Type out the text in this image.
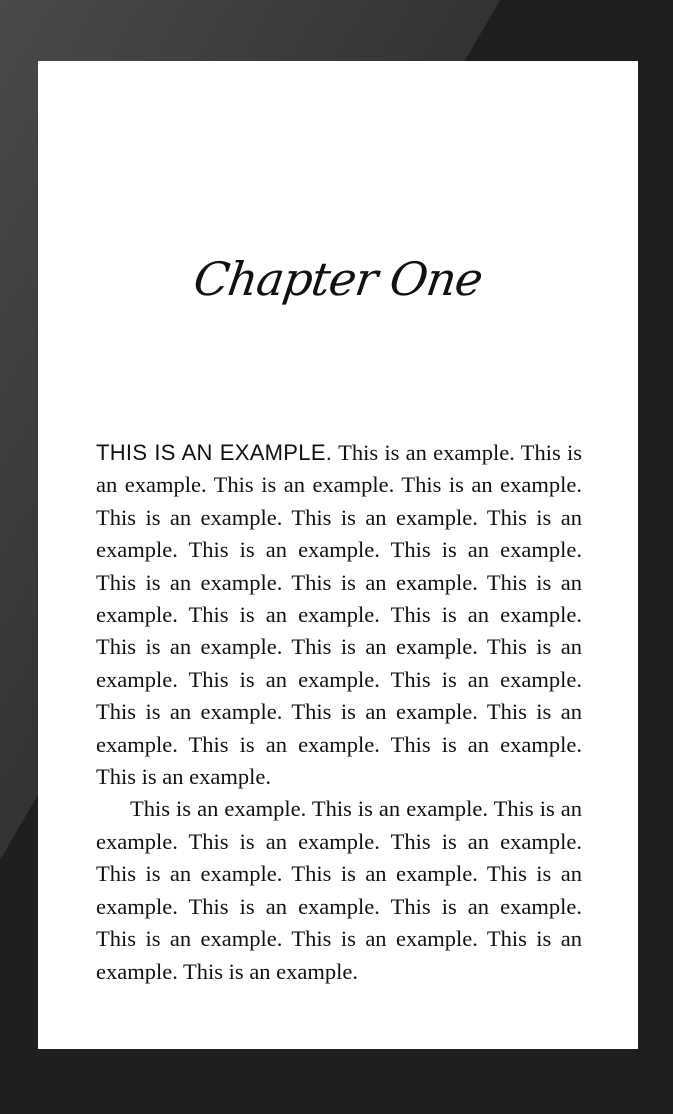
Chapter One

THIS IS AN EXAMPLE. This is an example. This is an example. This is an example. This is an example. This is an example. This is an example. This is an example. This is an example. This is an example. This is an example. This is an example. This is an example. This is an example. This is an example. This is an example. This is an example. This is an example. This is an example. This is an example. This is an example. This is an example. This is an example. This is an example. This is an example. This is an example.

This is an example. This is an example. This is an example. This is an example. This is an example. This is an example. This is an example. This is an example. This is an example. This is an example. This is an example. This is an example. This is an example. This is an example.
